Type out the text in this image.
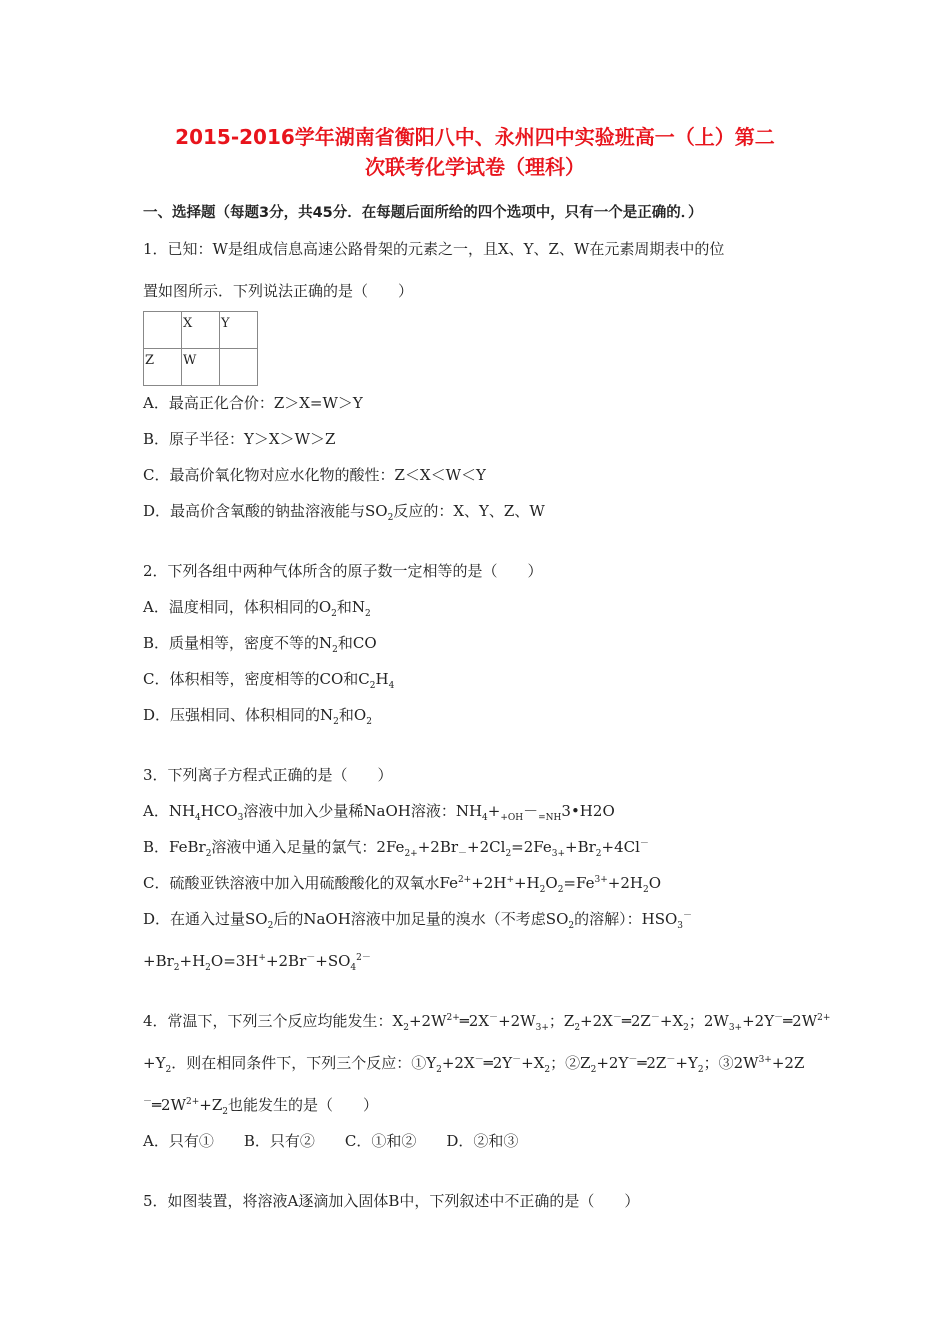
2015-2016学年湖南省衡阳八中、永州四中实验班高一（上）第二
次联考化学试卷（理科）
一、选择题（每题3分，共45分．在每题后面所给的四个选项中，只有一个是正确的．）
1．已知：W是组成信息高速公路骨架的元素之一，且X、Y、Z、W在元素周期表中的位
置如图所示．下列说法正确的是（　　）
	X	Y
Z	W	
A．最高正化合价：Z＞X=W＞Y
B．原子半径：Y＞X＞W＞Z
C．最高价氧化物对应水化物的酸性：Z＜X＜W＜Y
D．最高价含氧酸的钠盐溶液能与$SO_2$反应的：X、Y、Z、W
2．下列各组中两种气体所含的原子数一定相等的是（　　）
A．温度相同，体积相同的$O_2$和$N_2$
B．质量相等，密度不等的$N_2$和CO
C．体积相等，密度相等的CO和$C_2H_4$
D．压强相同、体积相同的$N_2$和$O_2$
3．下列离子方程式正确的是（　　）
A．$NH_4HCO_3$溶液中加入少量稀NaOH溶液：$NH_4+_{+OH}-_{=NH}3•H2O$
B．FeBr$_2$溶液中通入足量的氯气：$2Fe_{2+}+2Br_-+2Cl_2=2Fe_{3+}+Br_2+4Cl^-$
C．硫酸亚铁溶液中加入用硫酸酸化的双氧水$Fe^{2+}+2H^++H_2O_2=Fe^{3+}+2H_2O$
D．在通入过量$SO_2$后的NaOH溶液中加足量的溴水（不考虑$SO_2$的溶解）：$HSO_3^-$
$+Br_2+H_2O=3H^++2Br^-+SO_4^{2-}$
4．常温下，下列三个反应均能发生：$X_2+2W^{2+}═2X^-+2W_{3+}$；$Z_2+2X^-═2Z^-+X_2$；$2W_{3+}+2Y^-═2W^{2+}$
$+Y_2$．则在相同条件下，下列三个反应：$①Y_2+2X^-═2Y^-+X_2$；$②Z_2+2Y^-═2Z^-+Y_2$；$③2W^{3+}+2Z$
$^-═2W^{2+}+Z_2$也能发生的是（　　）
A．只有①　　B．只有②　　C．①和②　　D．②和③
5．如图装置，将溶液A逐滴加入固体B中，下列叙述中不正确的是（　　）
